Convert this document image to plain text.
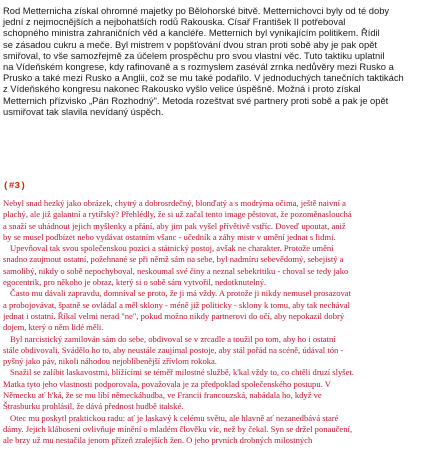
Rod Metternicha získal ohromné majetky po Bělohorské bitvě. Metternichovci byly od té doby
jední z nejmocnějších a nejbohatších rodů Rakouska. Císař František II potřeboval
schopného ministra zahraničních věd a kancléře. Metternich byl vynikajícím politikem. Řídil
se zásadou cukru a meče. Byl mistrem v popšťování dvou stran proti sobě aby je pak opět
smiřoval, to vše samozřejmě za účelem prospěchu pro svou vlastní věc. Tuto taktiku uplatnil
na Vídeňském kongrese, kdy rafinovaně a s rozmyslem zasévál zrnka nedůvěry mezi Rusko a
Prusko a také mezi Rusko a Anglii, což se mu také podařilo. V jednoduchých tanečních taktikách
z Vídeňského kongresu nakonec Rakousko vyšlo velice úspěšně. Možná i proto získal
Metternich přízvisko „Pán Rozhodný". Metoda rozeštvat své partnery proti sobě a pak je opět
usmiřovat tak slavila nevídaný úspěch.
(#3)
Nebyl snad hezký jako obrázek, chytrý a dobrosrdečný, blonďatý a s modrýma očima, ještě naivní a
plachý, ale již galantní a rytířský? Přehlédly, že si už začal tento image pěstovat, že pozoměnaslouchá
a snaží se uhádnout jejich myšlenky a přání, aby jim pak vyšel přívětivě vstříc. Doveď upoutat, aniž
by se musel podbízet nebo vydávat ostatním všanc - učedník a záhy mistr v umění jednat s lidmi.
Upevňoval tak svou společenskou pozici a státnický postoj, avšak ne charakter. Protože umění
snadno zaujmout ostatní, požehnané se při němž sám na sebe, byl nadmíru sebevědomý, sebejistý a
samolibý, nikdy o sobě nepochyboval, neskoumal své činy a neznal sebekritiku - choval se tedy jako
egocentrik, pro někoho je obraz, který si o sobě sám vytvořil, nedotknutelný.
Často mu dávali zapravdu, domníval se proto, že ji má vždy. A protože ji nikdy nemusel prosazovat
a probojovávat, špatně se ovládal a měl sklony - méně již politicky - sklony k tomu, aby tak nechával
jednat i ostatní. Říkal velmi nerad "ne", pokud možno nikdy partnerovi do očí, aby nepokazil dobrý
dojem, který o něm lidé měli.
Byl narcistický zamilován sám do sebe, obdivoval se v zrcadle a toužil po tom, aby ho i ostatní
stále obdivovali. Svádělo ho to, aby neustále zaujímal postoje, aby stál pořád na scéně, údával tón -
pyšný jako páv, nikoli náhodou nejoblíbenější zřívlom rokoka.
Snažil se zalíbit laskavostmi, blížícími se téměř milostné službě, k'kal vždy to, co chtěli druzí slyšet.
Matka tyto jeho vlastnosti podporovala, považovala je za předpoklad společenského postupu. V
Německu ať h'ká, že se mu líbí německáhudba, ve Francii francouzská, nabádala ho, když ve
Štrasburku prohlásil, že dává přednost hudbě italské.
Otec mu poskytl praktickou radu: ať je laskavý k celému světu, ale hlavně ať nezanedbává staré
dámy. Jejich kláboseni ovlivňuje mínění o mladém člověku víc, než by čekal. Syn se držel ponaučení,
ale brzy už mu nestačila jenom přízeň zralejších žen. O jeho prvních drobných milostných
